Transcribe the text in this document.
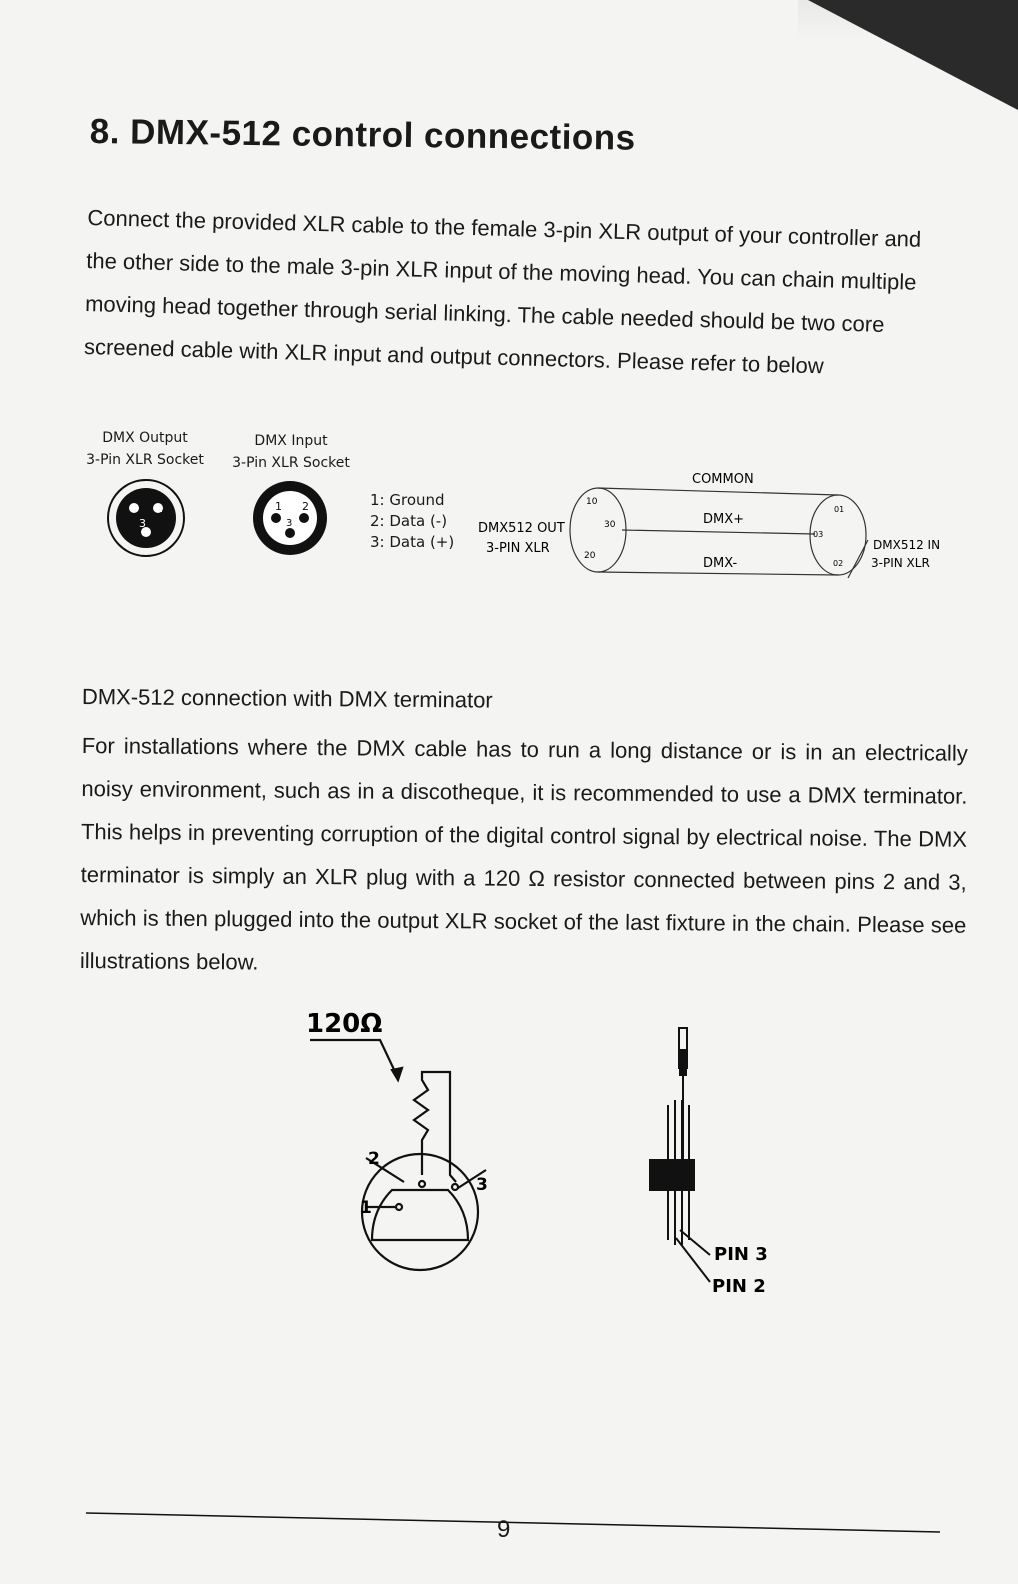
8. DMX-512 control connections
Connect the provided XLR cable to the female 3-pin XLR output of your controller and
the other side to the male 3-pin XLR input of the moving head. You can chain multiple
moving head together through serial linking. The cable needed should be two core
screened cable with XLR input and output connectors. Please refer to below
DMX Output
3-Pin XLR Socket
DMX Input
3-Pin XLR Socket
1: Ground
2: Data (-)
3: Data (+)
2 1
3
1 2
3
COMMON
DMX+
DMX-
10
30
20
01
03
02
DMX512 OUT
3-PIN XLR	DMX512 IN
3-PIN XLR
DMX-512 connection with DMX terminator

For installations where the DMX cable has to run a long distance or is in an electrically noisy environment, such as in a discotheque, it is recommended to use a DMX terminator. This helps in preventing corruption of the digital control signal by electrical noise. The DMX terminator is simply an XLR plug with a 120 Ω resistor connected between pins 2 and 3, which is then plugged into the output XLR socket of the last fixture in the chain. Please see illustrations below.

120Ω
2
1
3
PIN 3
PIN 2
9
